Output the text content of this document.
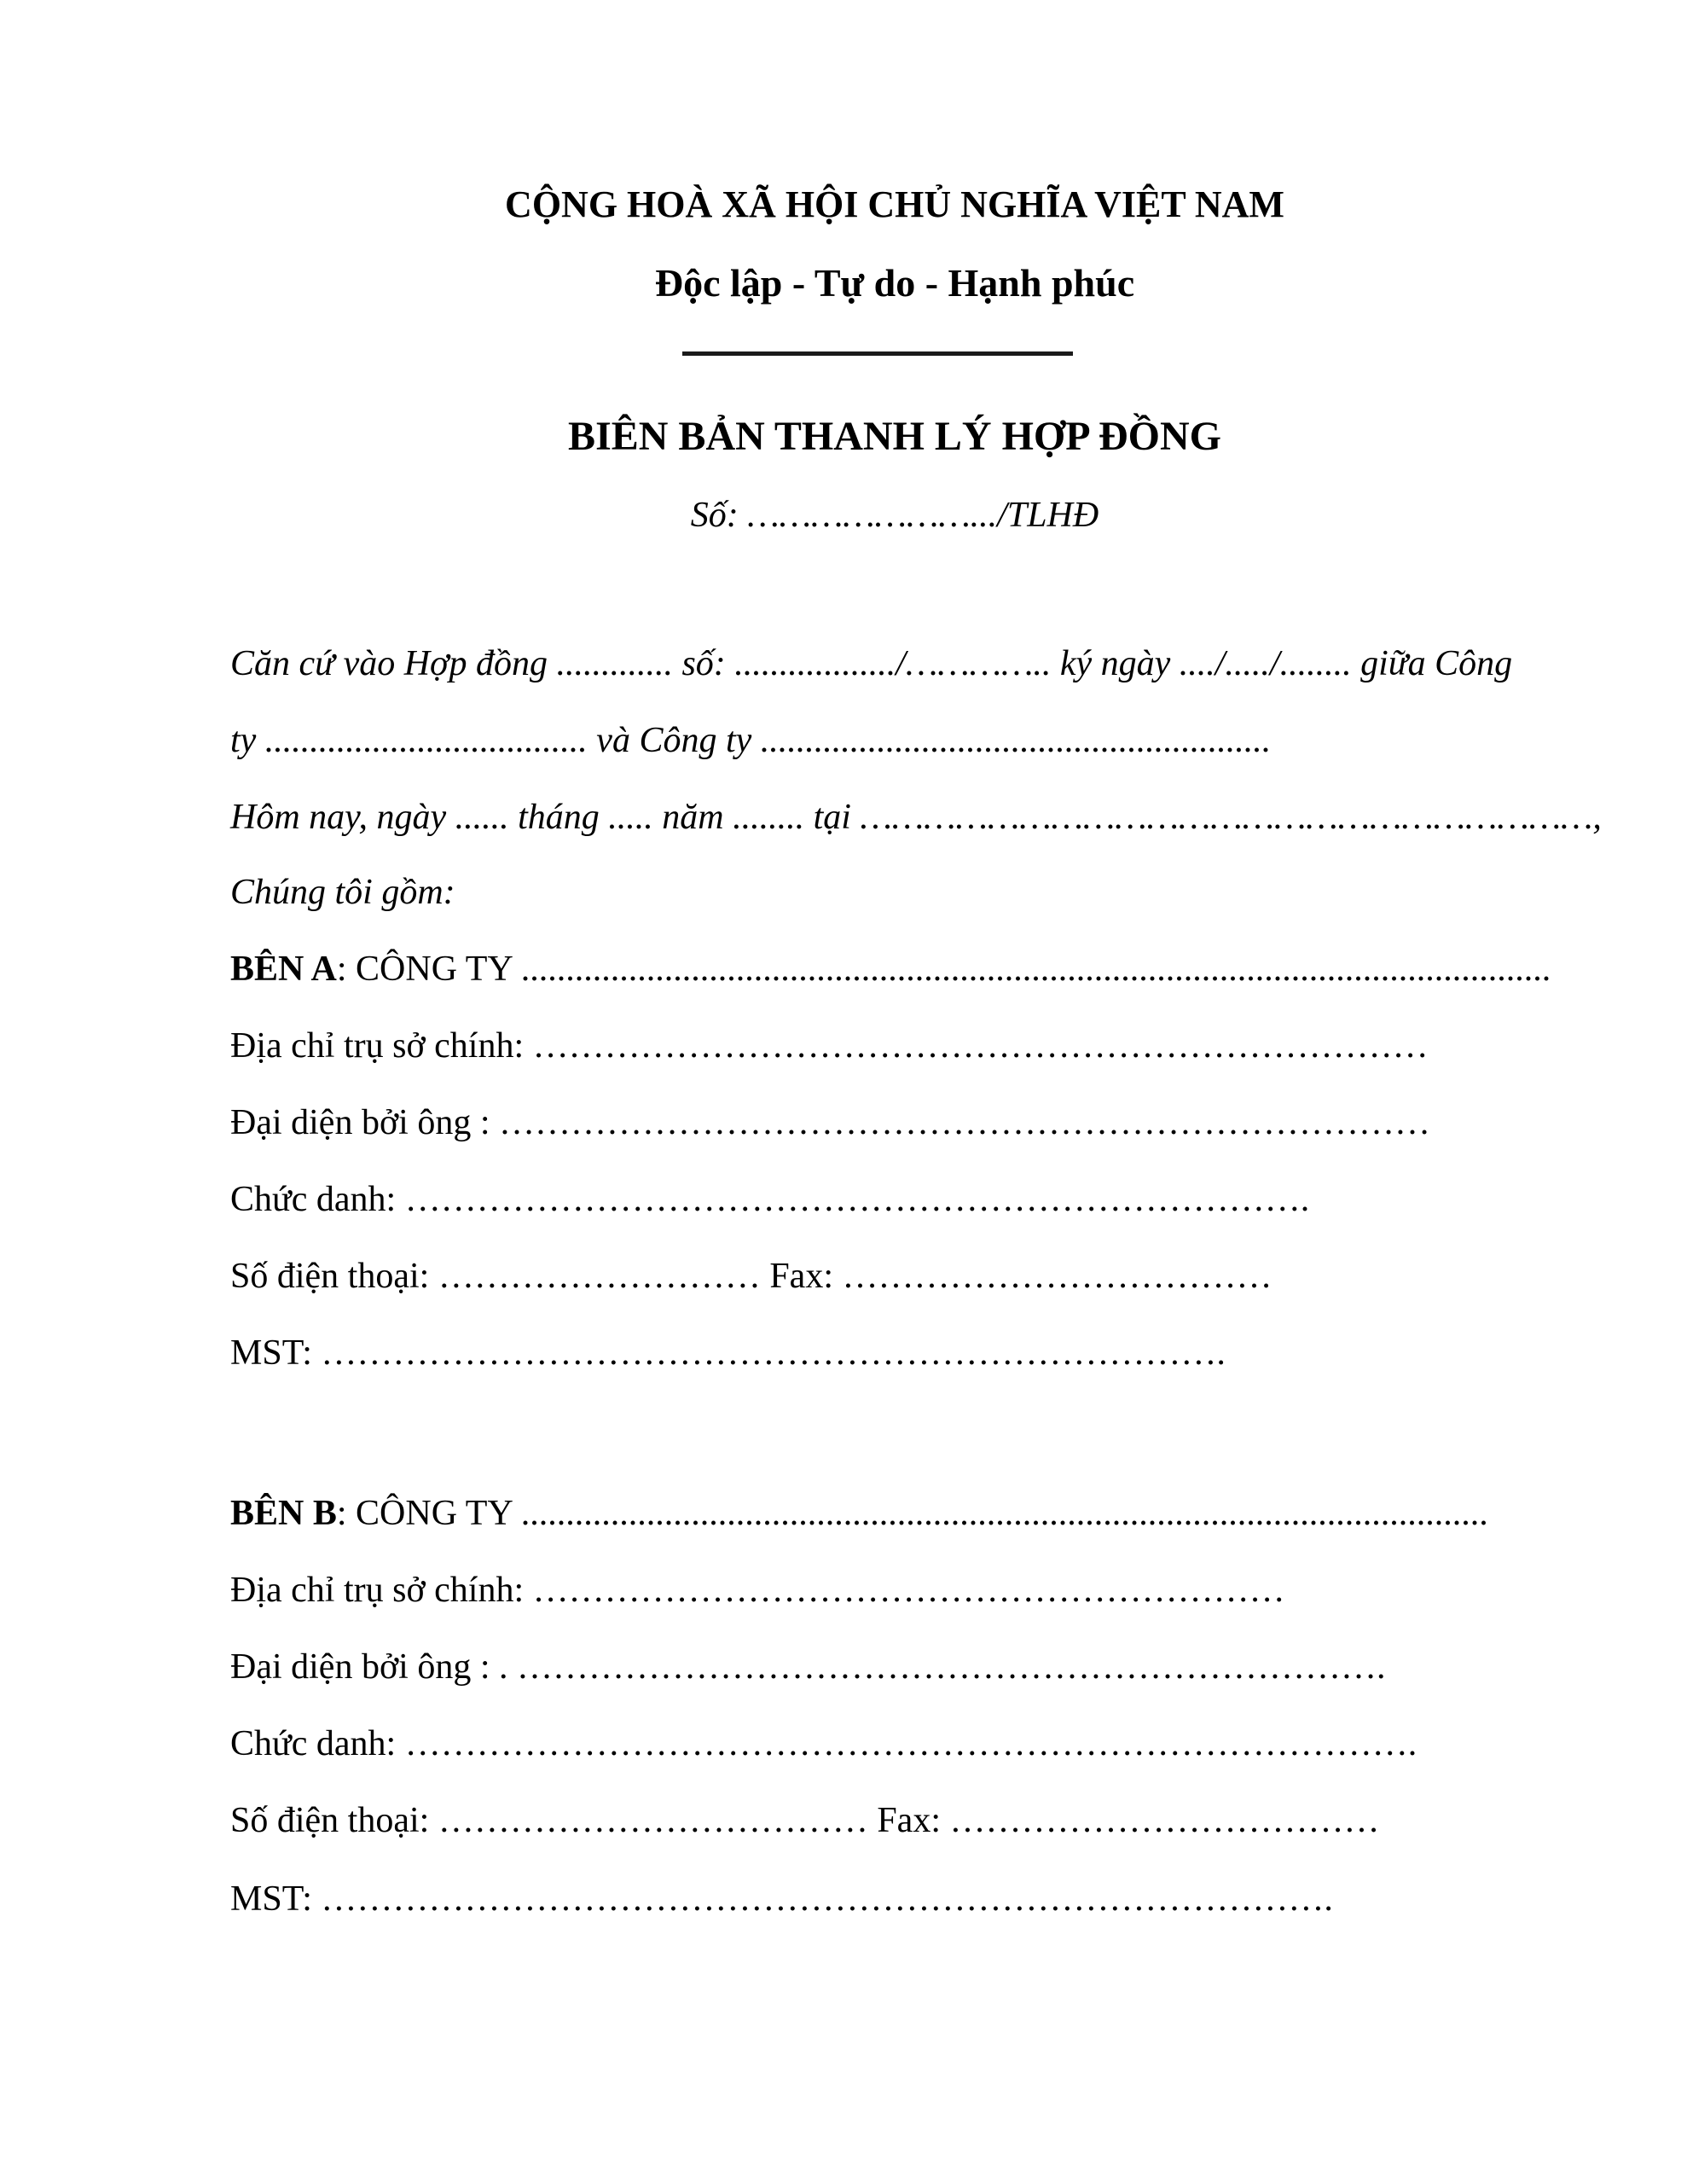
CỘNG HOÀ XÃ HỘI CHỦ NGHĨA VIỆT NAM
Độc lập - Tự do - Hạnh phúc
BIÊN BẢN THANH LÝ HỢP ĐỒNG
Số: ………………….../TLHĐ
Căn cứ vào Hợp đồng ............. số: ................../………….. ký ngày ..../...../........ giữa Công
ty .................................... và Công ty .........................................................
Hôm nay, ngày ...... tháng ..... năm ........ tại ……………………………………………………………,
Chúng tôi gồm:
BÊN A: CÔNG TY ...................................................................................................................
Địa chỉ trụ sở chính: …………………………………………………………………
Đại diện bởi ông : ……………………………………………………………………
Chức danh: ………………………………………………………………….
Số điện thoại: ……………………… Fax: ………………………………
MST: ………………………………………………………………….
BÊN B: CÔNG TY ............................................................................................................
Địa chỉ trụ sở chính: ………………………………………………………
Đại diện bởi ông : . ……………………………………………………………….
Chức danh: ………………………………………………………………………….
Số điện thoại: ……………………………… Fax: ………………………………
MST: ………………………………………………………………………….
